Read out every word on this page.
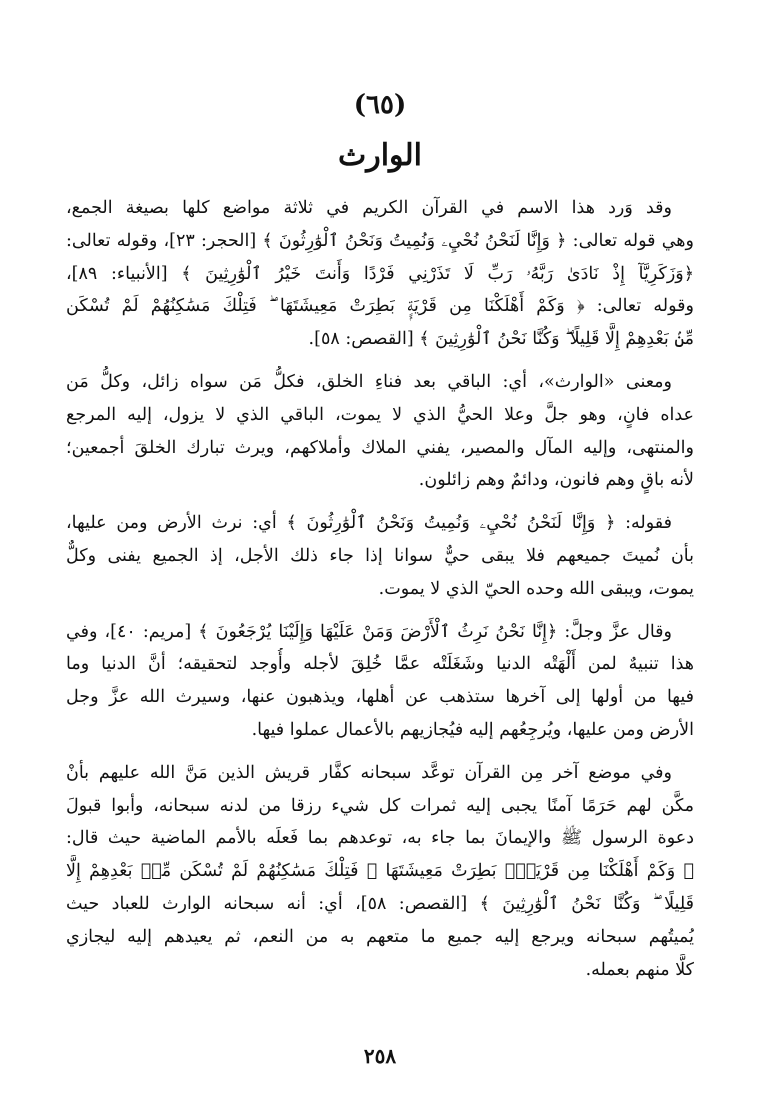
(٦٥)
الوارث
وقد وَرد هذا الاسم في القرآن الكريم في ثلاثة مواضع كلها بصيغة الجمع،
وهي قوله تعالى: ﴿ وَإِنَّا لَنَحْنُ نُحْيِۦ وَنُمِيتُ وَنَحْنُ ٱلْوَٰرِثُونَ ﴾ [الحجر: ٢٣]، وقوله تعالى:
﴿وَزَكَرِيَّآ إِذْ نَادَىٰ رَبَّهُۥ رَبِّ لَا تَذَرْنِي فَرْدًا وَأَنتَ خَيْرُ ٱلْوَٰرِثِينَ ﴾ [الأنبياء: ٨٩]،
وقوله تعالى: ﴿ وَكَمْ أَهْلَكْنَا مِن قَرْيَةٍۭ بَطِرَتْ مَعِيشَتَهَا ۖ فَتِلْكَ مَسَٰكِنُهُمْ لَمْ تُسْكَن
مِّنۢ بَعْدِهِمْ إِلَّا قَلِيلًا ۖ وَكُنَّا نَحْنُ ٱلْوَٰرِثِينَ ﴾ [القصص: ٥٨].
ومعنى «الوارث»، أي: الباقي بعد فناءِ الخلق، فكلُّ مَن سواه زائل، وكلُّ مَن
عداه فانٍ، وهو جلَّ وعلا الحيُّ الذي لا يموت، الباقي الذي لا يزول، إليه المرجع
والمنتهى، وإليه المآل والمصير، يفني الملاك وأملاكهم، ويرث تبارك الخلقَ أجمعين؛
لأنه باقٍ وهم فانون، ودائمٌ وهم زائلون.
فقوله: ﴿ وَإِنَّا لَنَحْنُ نُحْيِۦ وَنُمِيتُ وَنَحْنُ ٱلْوَٰرِثُونَ ﴾ أي: نرث الأرض ومن عليها،
بأن نُميتَ جميعهم فلا يبقى حيٌّ سوانا إذا جاء ذلك الأجل، إذ الجميع يفنى وكلٌّ
يموت، ويبقى الله وحده الحيّ الذي لا يموت.
وقال عزَّ وجلَّ: ﴿إِنَّا نَحْنُ نَرِثُ ٱلْأَرْضَ وَمَنْ عَلَيْهَا وَإِلَيْنَا يُرْجَعُونَ ﴾ [مريم: ٤٠]، وفي
هذا تنبيهٌ لمن أَلْهَتْه الدنيا وشَغَلَتْه عمَّا خُلِقَ لأجله وأُوجد لتحقيقه؛ أنَّ الدنيا وما
فيها من أولها إلى آخرها ستذهب عن أهلها، ويذهبون عنها، وسيرث الله عزَّ وجل
الأرض ومن عليها، ويُرجِعُهم إليه فيُجازيهم بالأعمال عملوا فيها.
وفي موضع آخر مِن القرآن توعَّد سبحانه كفَّار قريش الذين مَنَّ الله عليهم بأنْ
مكَّن لهم حَرَمًا آمنًا يجبى إليه ثمرات كل شيء رزقا من لدنه سبحانه، وأبوا قبولَ
دعوة الرسول ﷺ والإيمانَ بما جاء به، توعدهم بما فَعلَه بالأمم الماضية حيث قال:
﴿ وَكَمْ أَهْلَكْنَا مِن قَرْيَةٍۭ بَطِرَتْ مَعِيشَتَهَا ۖ فَتِلْكَ مَسَٰكِنُهُمْ لَمْ تُسْكَن مِّنۢ بَعْدِهِمْ إِلَّا
قَلِيلًا ۖ وَكُنَّا نَحْنُ ٱلْوَٰرِثِينَ ﴾ [القصص: ٥٨]، أي: أنه سبحانه الوارث للعباد حيث
يُميتُهم سبحانه ويرجع إليه جميع ما متعهم به من النعم، ثم يعيدهم إليه ليجازي
كلًّا منهم بعمله.
٢٥٨
